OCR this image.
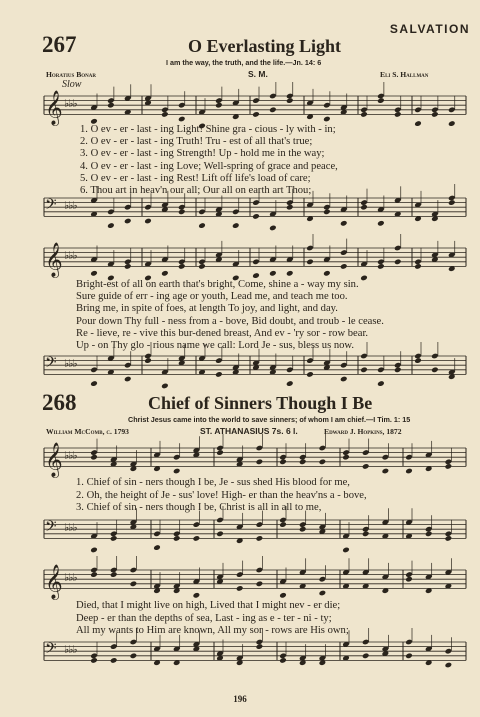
SALVATION
267	O Everlasting Light
I am the way, the truth, and the life.—Jn. 14: 6
Horatius Bonar	S. M.	Eli S. Hallman
Slow
𝄞 ♭♭♭
𝄢 ♭♭♭
𝄞 ♭♭♭
𝄢 ♭♭♭
𝄞 ♭♭♭
𝄢 ♭♭♭
𝄞 ♭♭♭
𝄢 ♭♭♭
1. O ev - er - last - ing Light! Shine gra - cious - ly with - in;
2. O ev - er - last - ing Truth! Tru - est of all that's true;
3. O ev - er - last - ing Strength! Up - hold me in the way;
4. O ev - er - last - ing Love; Well-spring of grace and peace,
5. O ev - er - last - ing Rest! Lift off life's load of care;
6. Thou art in heav'n our all; Our all on earth art Thou;
Bright-est of all on earth that's bright, Come, shine a - way my sin.
Sure guide of err - ing age or youth, Lead me, and teach me too.
Bring me, in spite of foes, at length To joy, and light, and day.
Pour down Thy full - ness from a - bove, Bid doubt, and troub - le cease.
Re - lieve, re - vive this bur-dened breast, And ev - 'ry sor - row bear.
Up - on Thy glo - rious name we call: Lord Je - sus, bless us now.
268	Chief of Sinners Though I Be
Christ Jesus came into the world to save sinners; of whom I am chief.—I Tim. 1: 15
William McComb, c. 1793	ST. ATHANASIUS 7s. 6 l.	Edward J. Hopkins, 1872
1. Chief of sin - ners though I be, Je - sus shed His blood for me,
2. Oh, the height of Je - sus' love! High- er than the heav'ns a - bove,
3. Chief of sin - ners though I be, Christ is all in all to me,
Died, that I might live on high, Lived that I might nev - er die;
Deep - er than the depths of sea, Last - ing as e - ter - ni - ty;
All my wants to Him are known, All my sor - rows are His own;
196
